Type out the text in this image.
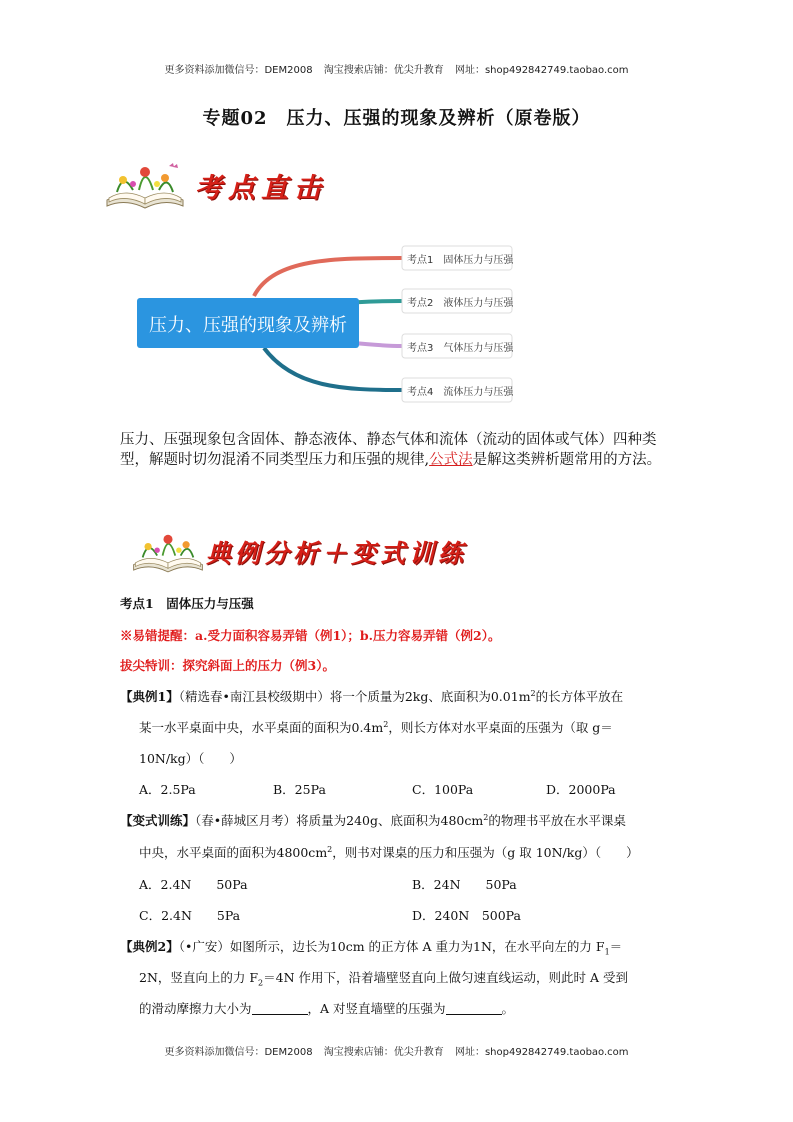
更多资料添加微信号：DEM2008 淘宝搜索店铺：优尖升教育 网址：shop492842749.taobao.com
专题02　压力、压强的现象及辨析（原卷版）
考点直击
压力、压强的现象及辨析
考点1　固体压力与压强
考点2　液体压力与压强
考点3　气体压力与压强
考点4　流体压力与压强
压力、压强现象包含固体、静态液体、静态气体和流体（流动的固体或气体）四种类型，解题时切勿混淆不同类型压力和压强的规律,公式法是解这类辨析题常用的方法。
典例分析＋变式训练
考点1　固体压力与压强
※易错提醒：a.受力面积容易弄错（例1）；b.压力容易弄错（例2）。
拔尖特训：探究斜面上的压力（例3）。
【典例1】（精选春•南江县校级期中）将一个质量为2kg、底面积为$0.01m^2$的长方体平放在
某一水平桌面中央，水平桌面的面积为$0.4m^2$，则长方体对水平桌面的压强为（取 g＝
10N/kg）（　　）
A．2.5Pa	B．25Pa	C．100Pa	D．2000Pa
【变式训练】（春•薛城区月考）将质量为240g、底面积为$480cm^2$的物理书平放在水平课桌
中央，水平桌面的面积为$4800cm^2$，则书对课桌的压力和压强为（g 取 10N/kg）（　　）
A．2.4N　　50Pa	B．24N　　50Pa
C．2.4N　　5Pa	D．240N　500Pa
【典例2】（•广安）如图所示，边长为10cm 的正方体 A 重力为1N，在水平向左的力 $F_1=$
2N，竖直向上的力 $F_2=4N$ 作用下，沿着墙壁竖直向上做匀速直线运动，则此时 A 受到
的滑动摩擦力大小为	，A 对竖直墙壁的压强为	。
更多资料添加微信号：DEM2008 淘宝搜索店铺：优尖升教育 网址：shop492842749.taobao.com
